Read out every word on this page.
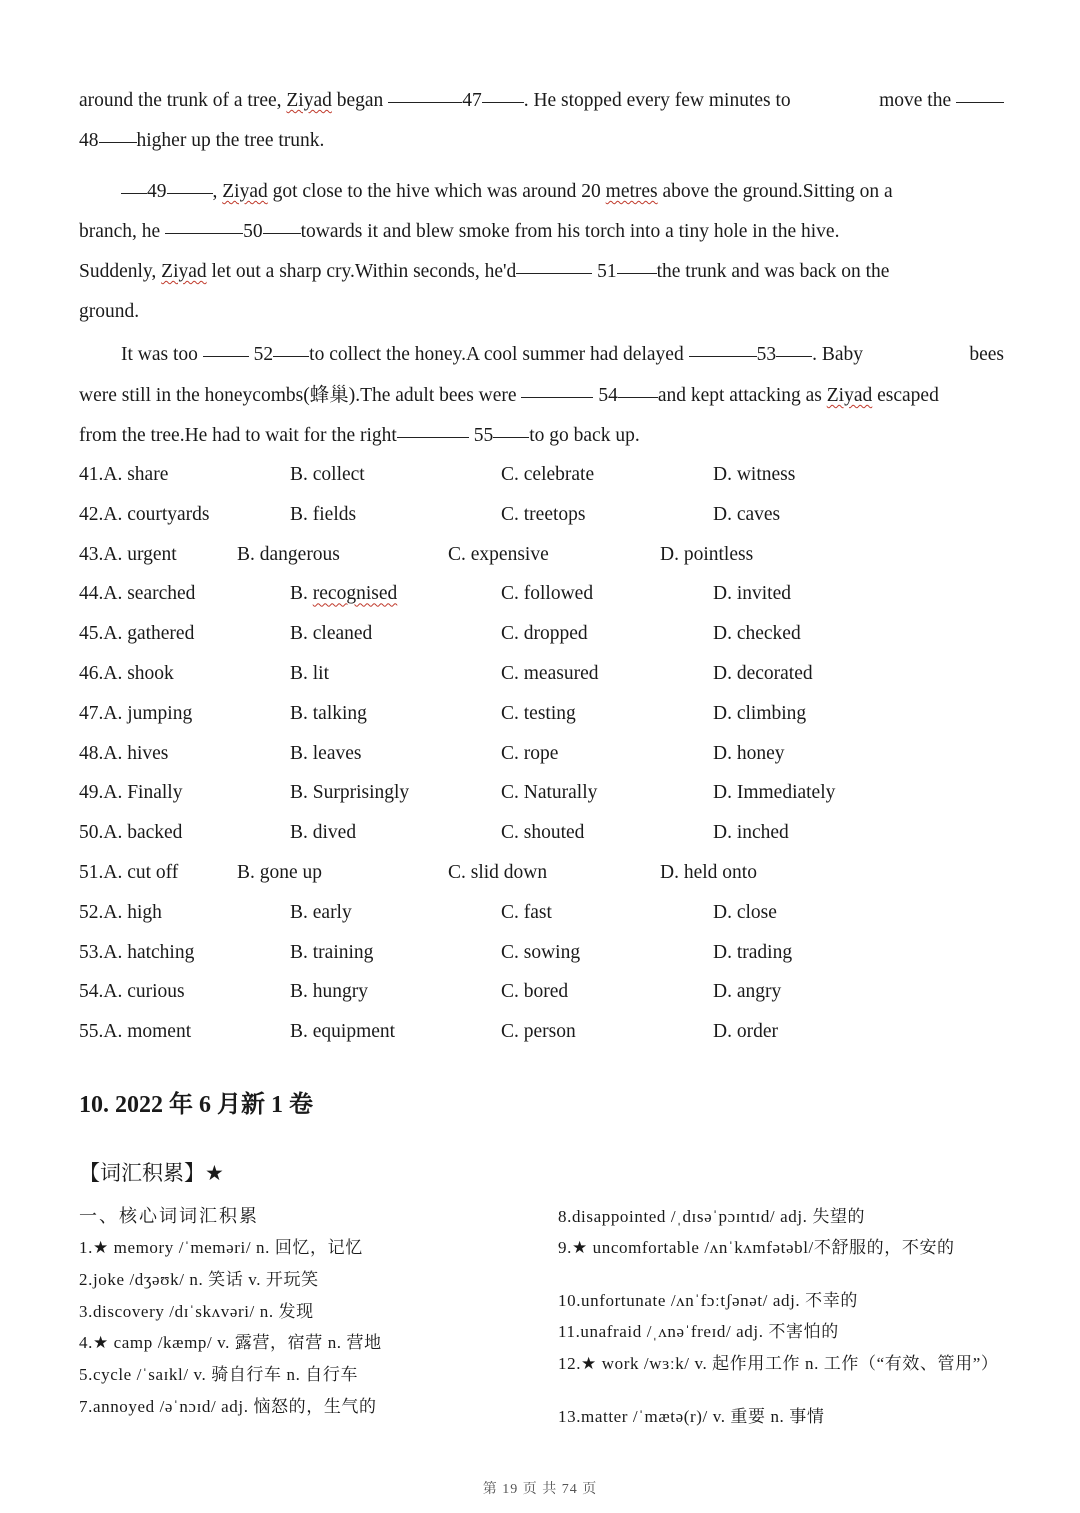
around the trunk of a tree, Ziyad began	47 . He stopped every few minutes to	move the

48 higher up the tree trunk.

49 , Ziyad got close to the hive which was around 20 metres above the ground.Sitting on a

branch, he	50 towards it and blew smoke from his torch into a tiny hole in the hive.

Suddenly, Ziyad let out a sharp cry.Within seconds, he'd	51 the trunk and was back on the

ground.

It was too	52 to collect the honey.A cool summer had delayed	53 . Baby	bees

were still in the honeycombs(蜂巢).The adult bees were	54 and kept attacking as Ziyad escaped

from the tree.He had to wait for the right	55 to go back up.

41.A. share	B. collect	C. celebrate	D. witness
42.A. courtyards	B. fields	C. treetops	D. caves
43.A. urgent	B. dangerous	C. expensive	D. pointless
44.A. searched	B. recognised	C. followed	D. invited
45.A. gathered	B. cleaned	C. dropped	D. checked
46.A. shook	B. lit	C. measured	D. decorated
47.A. jumping	B. talking	C. testing	D. climbing
48.A. hives	B. leaves	C. rope	D. honey
49.A. Finally	B. Surprisingly	C. Naturally	D. Immediately
50.A. backed	B. dived	C. shouted	D. inched
51.A. cut off	B. gone up	C. slid down	D. held onto
52.A. high	B. early	C. fast	D. close
53.A. hatching	B. training	C. sowing	D. trading
54.A. curious	B. hungry	C. bored	D. angry
55.A. moment	B. equipment	C. person	D. order
10. 2022 年 6 月新 1 卷
【词汇积累】★
一、核心词词汇积累
1.★ memory /ˈmeməri/ n. 回忆，记忆
2.joke /dʒəʊk/ n. 笑话 v. 开玩笑
3.discovery /dɪˈskʌvəri/ n. 发现
4.★ camp /kæmp/ v. 露营，宿营 n. 营地
5.cycle /ˈsaɪkl/ v. 骑自行车 n. 自行车
7.annoyed /əˈnɔɪd/ adj. 恼怒的，生气的
8.disappointed /ˌdɪsəˈpɔɪntɪd/ adj. 失望的
9.★ uncomfortable /ʌnˈkʌmfətəbl/不舒服的，不安的
10.unfortunate /ʌnˈfɔːtʃənət/ adj. 不幸的
11.unafraid /ˌʌnəˈfreɪd/ adj. 不害怕的
12.★ work /wɜːk/ v. 起作用工作 n. 工作（“有效、管用”）
13.matter /ˈmætə(r)/ v. 重要 n. 事情
第 19 页 共 74 页
